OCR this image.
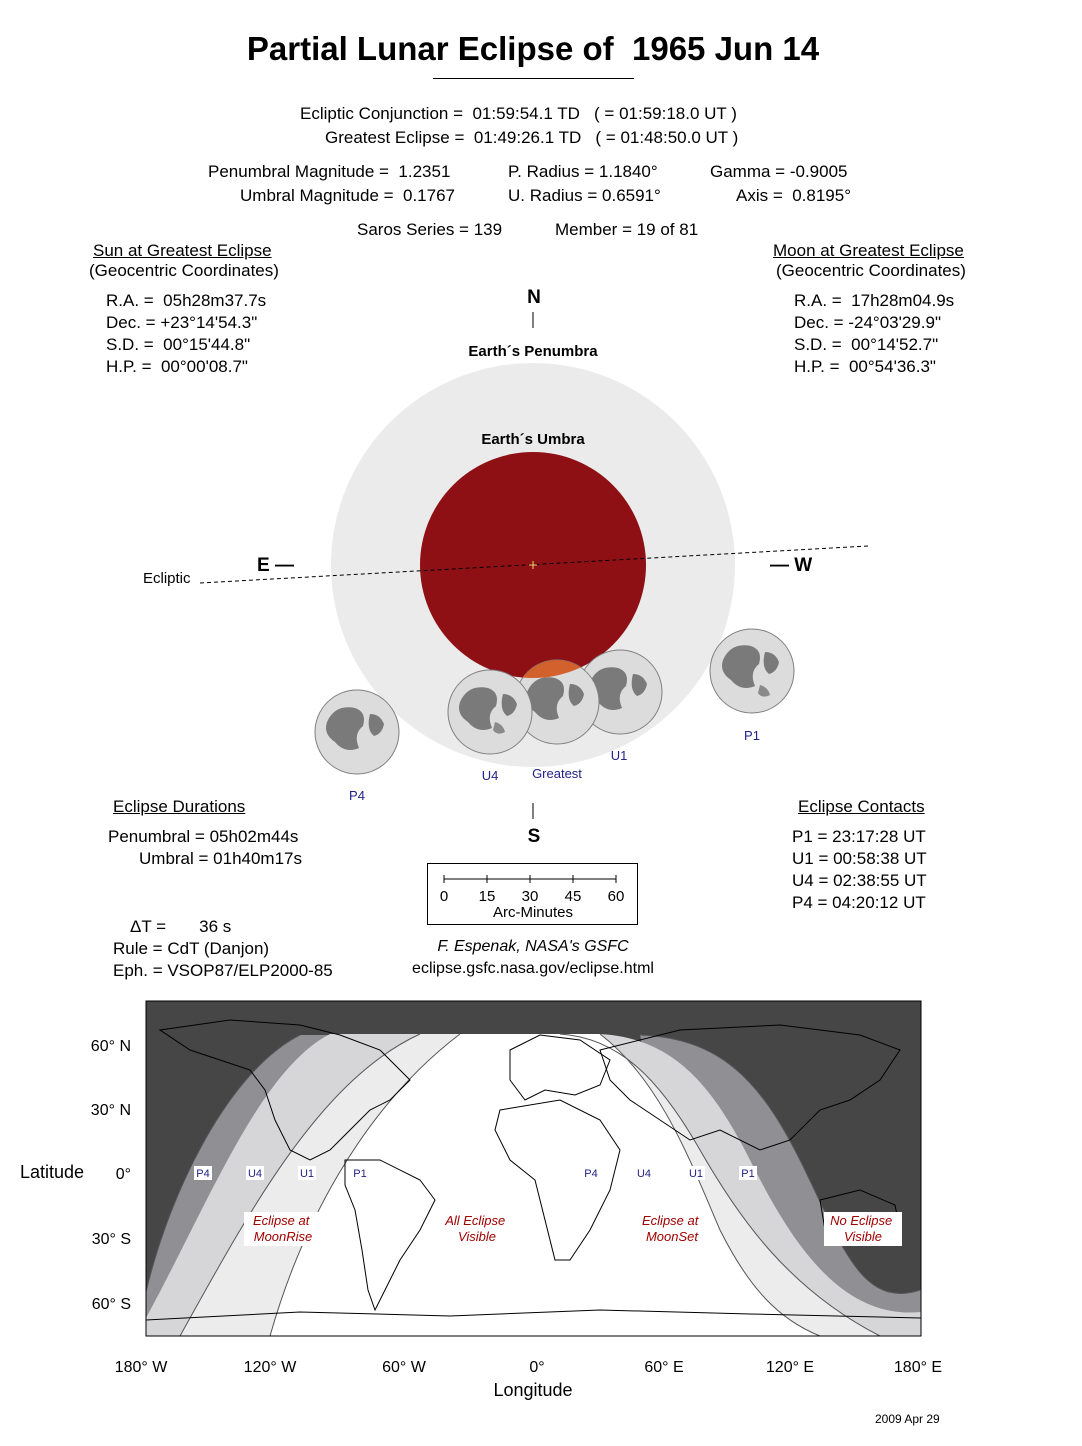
Partial Lunar Eclipse of  1965 Jun 14
Ecliptic Conjunction =  01:59:54.1 TD   ( = 01:59:18.0 UT )
Greatest Eclipse =  01:49:26.1 TD   ( = 01:48:50.0 UT )
Penumbral Magnitude =  1.2351
Umbral Magnitude =  0.1767
P. Radius = 1.1840°
U. Radius = 0.6591°
Gamma = -0.9005
Axis =  0.8195°
Saros Series = 139	Member = 19 of 81
Sun at Greatest Eclipse
(Geocentric Coordinates)
R.A. =  05h28m37.7s
Dec. = +23°14'54.3"
S.D. =  00°15'44.8"
H.P. =  00°00'08.7"
Moon at Greatest Eclipse
(Geocentric Coordinates)
R.A. =  17h28m04.9s
Dec. = -24°03'29.9"
S.D. =  00°14'52.7"
H.P. =  00°54'36.3"
N
S
E —	— W
Ecliptic
Earth´s Penumbra
Earth´s Umbra
P1
U1
Greatest
U4
P4
Eclipse Durations
Penumbral = 05h02m44s
Umbral = 01h40m17s
Eclipse Contacts
P1 = 23:17:28 UT
U1 = 00:58:38 UT
U4 = 02:38:55 UT
P4 = 04:20:12 UT
0 15 30 45 60
Arc-Minutes
ΔT =       36 s
Rule = CdT (Danjon)
Eph. = VSOP87/ELP2000-85
F. Espenak, NASA's GSFC
eclipse.gsfc.nasa.gov/eclipse.html
P4	U4	U1	P1	P4	U4	U1	P1
Eclipse at MoonRise
All Eclipse Visible
Eclipse at MoonSet
No Eclipse Visible
60° N
30° N
0°
30° S
60° S
180° W	120° W	60° W	0°	60° E	120° E	180° E
Longitude
Latitude
2009 Apr 29
